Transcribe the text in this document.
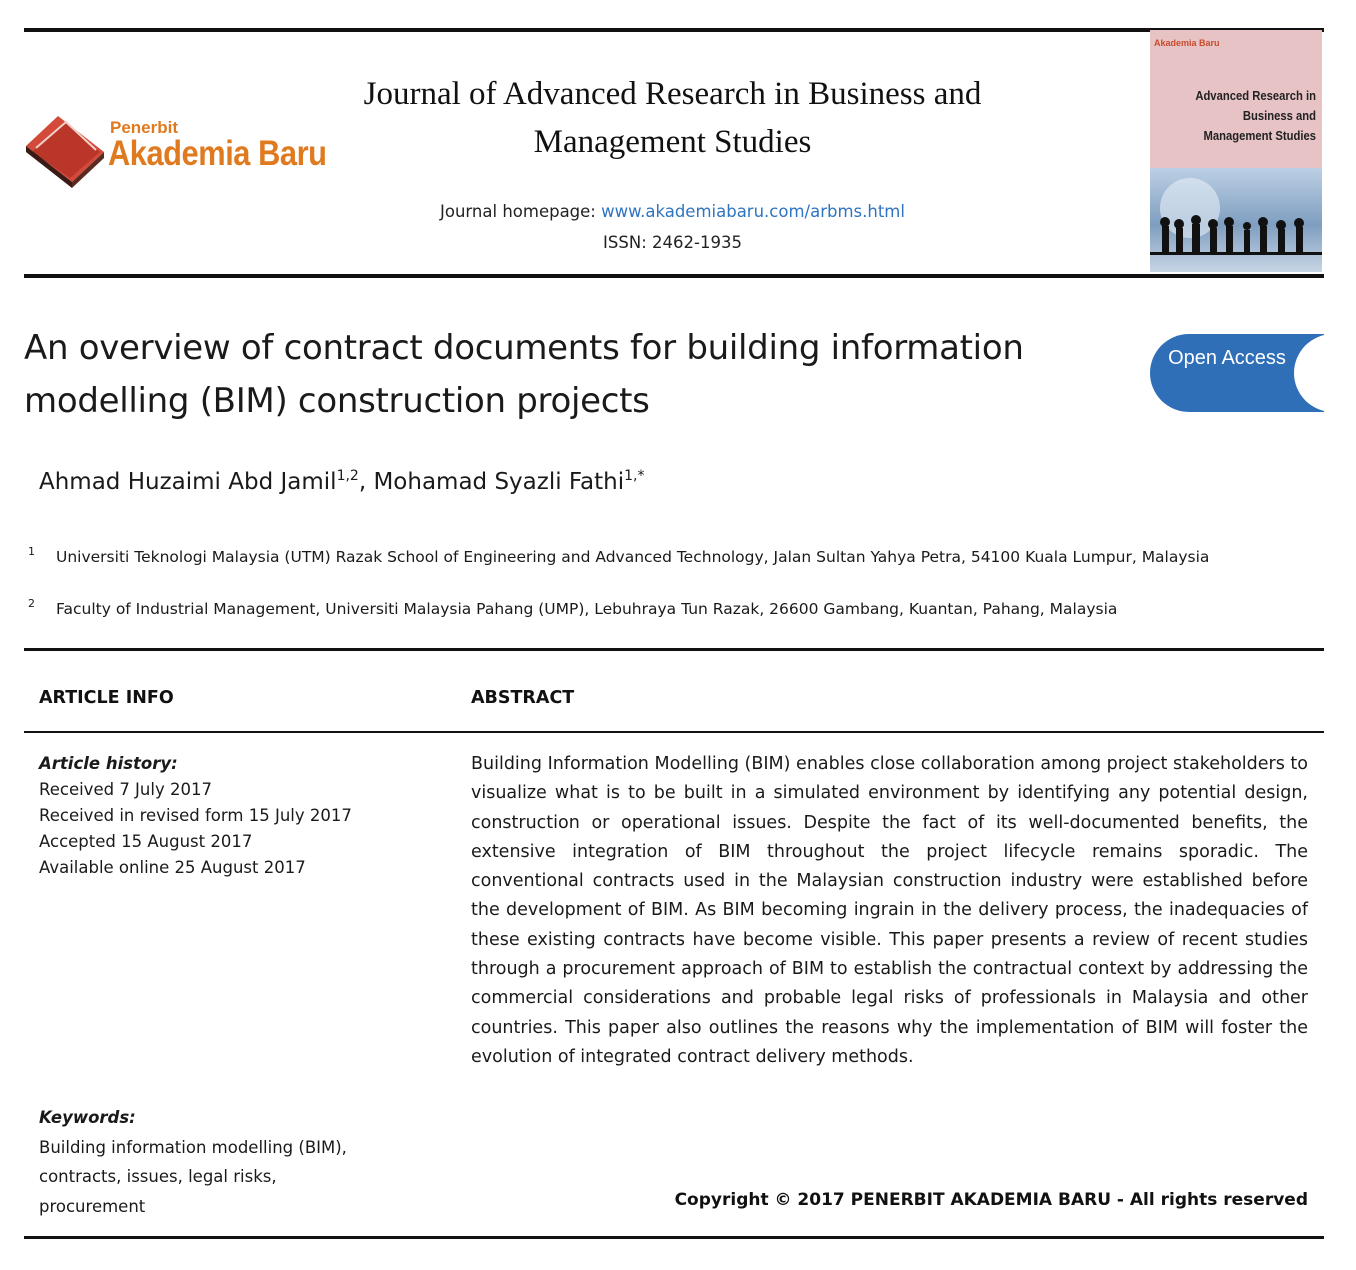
Penerbit
Akademia Baru
Journal of Advanced Research in Business and Management Studies
Journal homepage: www.akademiabaru.com/arbms.html
ISSN: 2462-1935
Akademia Baru
Advanced Research in Business and Management Studies
An overview of contract documents for building information modelling (BIM) construction projects
Open Access
Ahmad Huzaimi Abd Jamil$^{1,2}$, Mohamad Syazli Fathi$^{1,*}$
1 Universiti Teknologi Malaysia (UTM) Razak School of Engineering and Advanced Technology, Jalan Sultan Yahya Petra, 54100 Kuala Lumpur, Malaysia
2 Faculty of Industrial Management, Universiti Malaysia Pahang (UMP), Lebuhraya Tun Razak, 26600 Gambang, Kuantan, Pahang, Malaysia
ARTICLE INFO	ABSTRACT
Article history:
Received 7 July 2017
Received in revised form 15 July 2017
Accepted 15 August 2017
Available online 25 August 2017
Keywords:
Building information modelling (BIM),
contracts, issues, legal risks,
procurement
Building Information Modelling (BIM) enables close collaboration among project stakeholders to visualize what is to be built in a simulated environment by identifying any potential design, construction or operational issues. Despite the fact of its well-documented benefits, the extensive integration of BIM throughout the project lifecycle remains sporadic. The conventional contracts used in the Malaysian construction industry were established before the development of BIM. As BIM becoming ingrain in the delivery process, the inadequacies of these existing contracts have become visible. This paper presents a review of recent studies through a procurement approach of BIM to establish the contractual context by addressing the commercial considerations and probable legal risks of professionals in Malaysia and other countries. This paper also outlines the reasons why the implementation of BIM will foster the evolution of integrated contract delivery methods.
Copyright © 2017 PENERBIT AKADEMIA BARU - All rights reserved
